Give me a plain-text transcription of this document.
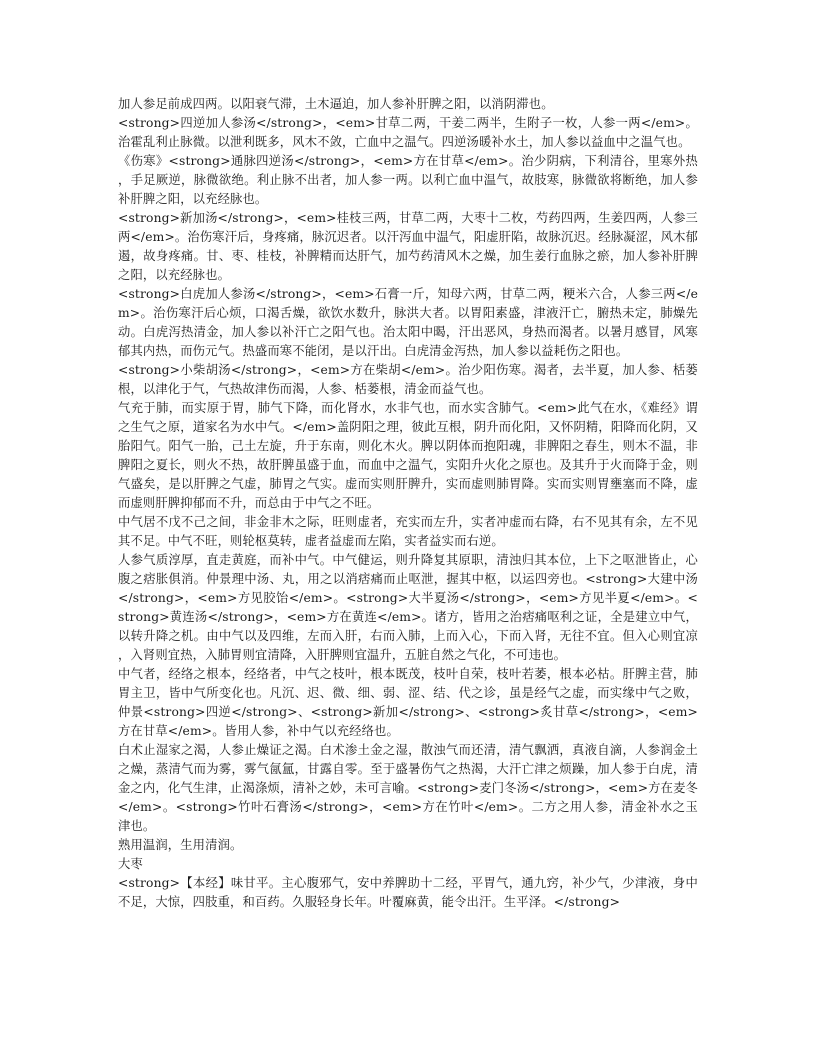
加人参足前成四两。以阳衰气滞，土木逼迫，加人参补肝脾之阳，以消阴滞也。

<strong>四逆加人参汤</strong>，<em>甘草二两，干姜二两半，生附子一枚，人参一两</em>。治霍乱利止脉微。以泄利既多，风木不敛，亡血中之温气。四逆汤暖补水土，加人参以益血中之温气也。

《伤寒》<strong>通脉四逆汤</strong>，<em>方在甘草</em>。治少阴病，下利清谷，里寒外热，手足厥逆，脉微欲绝。利止脉不出者，加人参一两。以利亡血中温气，故肢寒，脉微欲将断绝，加人参补肝脾之阳，以充经脉也。

<strong>新加汤</strong>，<em>桂枝三两，甘草二两，大枣十二枚，芍药四两，生姜四两，人参三两</em>。治伤寒汗后，身疼痛，脉沉迟者。以汗泻血中温气，阳虚肝陷，故脉沉迟。经脉凝涩，风木郁遏，故身疼痛。甘、枣、桂枝，补脾精而达肝气，加芍药清风木之燥，加生姜行血脉之瘀，加人参补肝脾之阳，以充经脉也。

<strong>白虎加人参汤</strong>，<em>石膏一斤，知母六两，甘草二两，粳米六合，人参三两</em>。治伤寒汗后心烦，口渴舌燥，欲饮水数升，脉洪大者。以胃阳素盛，津液汗亡，腑热未定，肺燥先动。白虎泻热清金，加人参以补汗亡之阳气也。治太阳中暍，汗出恶风，身热而渴者。以暑月感冒，风寒郁其内热，而伤元气。热盛而寒不能闭，是以汗出。白虎清金泻热，加人参以益耗伤之阳也。

<strong>小柴胡汤</strong>，<em>方在柴胡</em>。治少阳伤寒。渴者，去半夏，加人参、栝蒌根，以津化于气，气热故津伤而渴，人参、栝蒌根，清金而益气也。

气充于肺，而实原于胃，肺气下降，而化肾水，水非气也，而水实含肺气。<em>此气在水，《难经》谓之生气之原，道家名为水中气。</em>盖阴阳之理，彼此互根，阴升而化阳，又怀阴精，阳降而化阴，又胎阳气。阳气一胎，己土左旋，升于东南，则化木火。脾以阴体而抱阳魂，非脾阳之春生，则木不温，非脾阳之夏长，则火不热，故肝脾虽盛于血，而血中之温气，实阳升火化之原也。及其升于火而降于金，则气盛矣，是以肝脾之气虚，肺胃之气实。虚而实则肝脾升，实而虚则肺胃降。实而实则胃壅塞而不降，虚而虚则肝脾抑郁而不升，而总由于中气之不旺。

中气居不戊不己之间，非金非木之际，旺则虚者，充实而左升，实者冲虚而右降，右不见其有余，左不见其不足。中气不旺，则轮枢莫转，虚者益虚而左陷，实者益实而右逆。

人参气质淳厚，直走黄庭，而补中气。中气健运，则升降复其原职，清浊归其本位，上下之呕泄皆止，心腹之痞胀俱消。仲景理中汤、丸，用之以消痞痛而止呕泄，握其中枢，以运四旁也。<strong>大建中汤</strong>，<em>方见胶饴</em>。<strong>大半夏汤</strong>，<em>方见半夏</em>。<strong>黄连汤</strong>，<em>方在黄连</em>。诸方，皆用之治痞痛呕利之证，全是建立中气，以转升降之机。由中气以及四维，左而入肝，右而入肺，上而入心，下而入肾，无往不宜。但入心则宜凉，入肾则宜热，入肺胃则宜清降，入肝脾则宜温升，五脏自然之气化，不可违也。

中气者，经络之根本，经络者，中气之枝叶，根本既茂，枝叶自荣，枝叶若萎，根本必枯。肝脾主营，肺胃主卫，皆中气所变化也。凡沉、迟、微、细、弱、涩、结、代之诊，虽是经气之虚，而实缘中气之败，仲景<strong>四逆</strong>、<strong>新加</strong>、<strong>炙甘草</strong>，<em>方在甘草</em>。皆用人参，补中气以充经络也。

白术止湿家之渴，人参止燥证之渴。白术渗土金之湿，散浊气而还清，清气飘洒，真液自滴，人参润金土之燥，蒸清气而为雾，雾气氤氲，甘露自零。至于盛暑伤气之热渴，大汗亡津之烦躁，加人参于白虎，清金之内，化气生津，止渴涤烦，清补之妙，未可言喻。<strong>麦门冬汤</strong>，<em>方在麦冬</em>。<strong>竹叶石膏汤</strong>，<em>方在竹叶</em>。二方之用人参，清金补水之玉津也。

熟用温润，生用清润。

大枣

<strong>【本经】味甘平。主心腹邪气，安中养脾助十二经，平胃气，通九窍，补少气，少津液，身中不足，大惊，四肢重，和百药。久服轻身长年。叶覆麻黄，能令出汗。生平泽。</strong>
